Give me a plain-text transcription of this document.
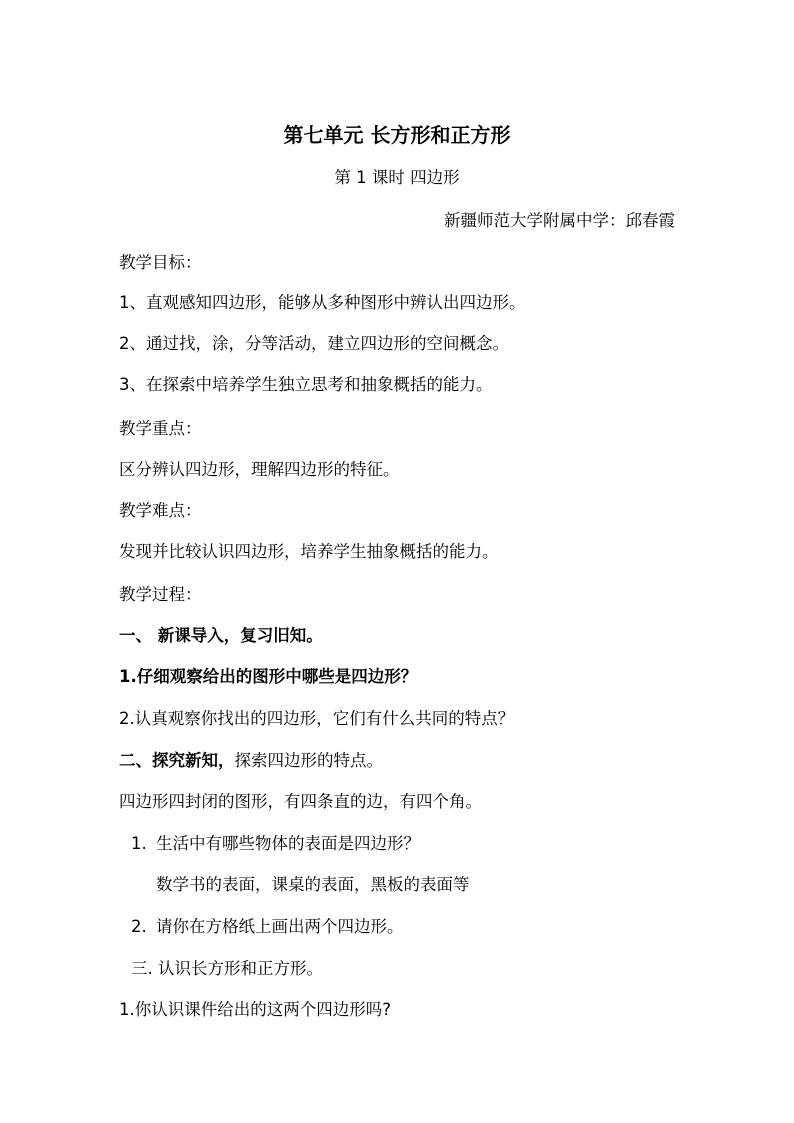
第七单元 长方形和正方形
第 1 课时 四边形
新疆师范大学附属中学：邱春霞
教学目标：
1、直观感知四边形，能够从多种图形中辨认出四边形。
2、通过找，涂，分等活动，建立四边形的空间概念。
3、在探索中培养学生独立思考和抽象概括的能力。
教学重点：
区分辨认四边形，理解四边形的特征。
教学难点：
发现并比较认识四边形，培养学生抽象概括的能力。
教学过程：
一、 新课导入，复习旧知。
1.仔细观察给出的图形中哪些是四边形？
2.认真观察你找出的四边形，它们有什么共同的特点？
二、探究新知，探索四边形的特点。
四边形四封闭的图形，有四条直的边，有四个角。
1. 生活中有哪些物体的表面是四边形？
数学书的表面，课桌的表面，黑板的表面等
2. 请你在方格纸上画出两个四边形。
三. 认识长方形和正方形。
1.你认识课件给出的这两个四边形吗?
